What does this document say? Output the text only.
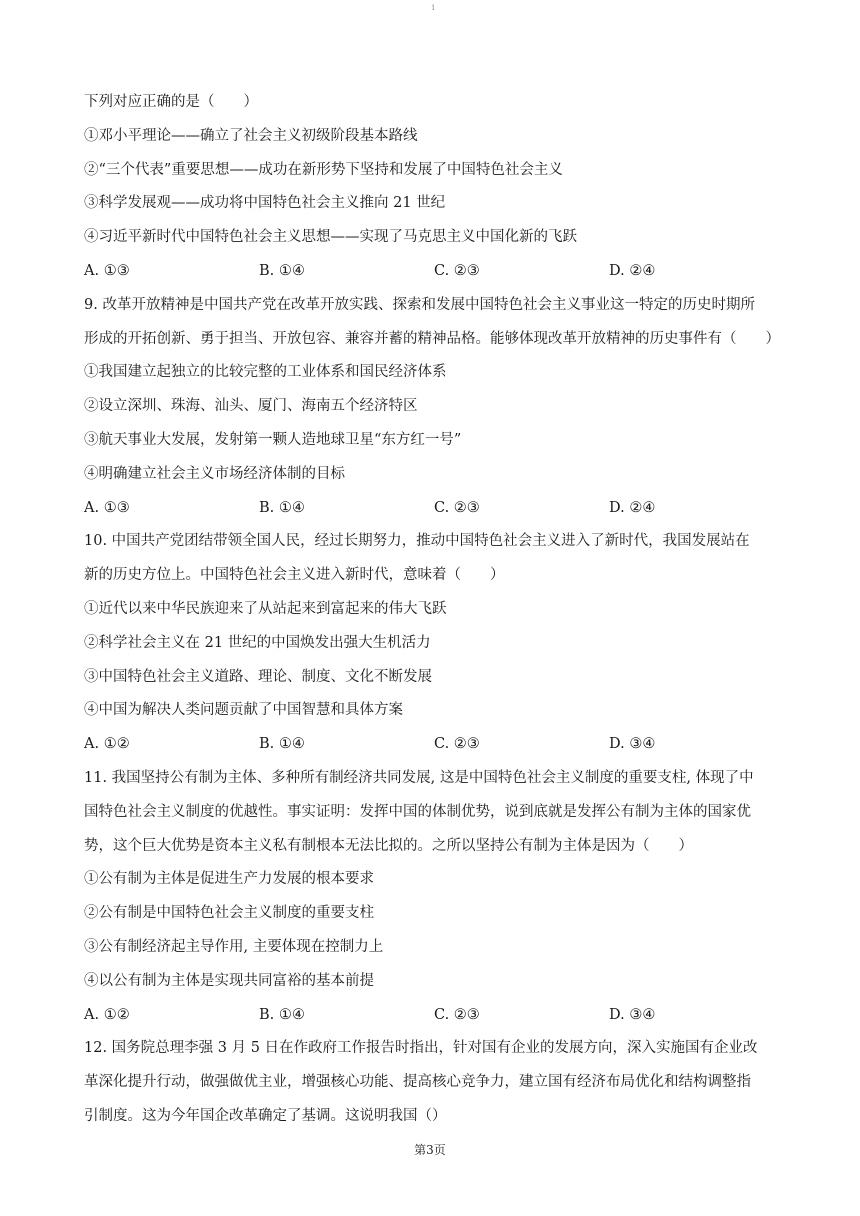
1
下列对应正确的是（　　）
①邓小平理论——确立了社会主义初级阶段基本路线
②“三个代表”重要思想——成功在新形势下坚持和发展了中国特色社会主义
③科学发展观——成功将中国特色社会主义推向 21 世纪
④习近平新时代中国特色社会主义思想——实现了马克思主义中国化新的飞跃
A. ①③	B. ①④	C. ②③	D. ②④
9. 改革开放精神是中国共产党在改革开放实践、探索和发展中国特色社会主义事业这一特定的历史时期所
形成的开拓创新、勇于担当、开放包容、兼容并蓄的精神品格。能够体现改革开放精神的历史事件有（　　）
①我国建立起独立的比较完整的工业体系和国民经济体系
②设立深圳、珠海、汕头、厦门、海南五个经济特区
③航天事业大发展，发射第一颗人造地球卫星“东方红一号”
④明确建立社会主义市场经济体制的目标
A. ①③	B. ①④	C. ②③	D. ②④
10. 中国共产党团结带领全国人民，经过长期努力，推动中国特色社会主义进入了新时代，我国发展站在
新的历史方位上。中国特色社会主义进入新时代，意味着（　　）
①近代以来中华民族迎来了从站起来到富起来的伟大飞跃
②科学社会主义在 21 世纪的中国焕发出强大生机活力
③中国特色社会主义道路、理论、制度、文化不断发展
④中国为解决人类问题贡献了中国智慧和具体方案
A. ①②	B. ①④	C. ②③	D. ③④
11. 我国坚持公有制为主体、多种所有制经济共同发展, 这是中国特色社会主义制度的重要支柱, 体现了中
国特色社会主义制度的优越性。事实证明：发挥中国的体制优势，说到底就是发挥公有制为主体的国家优
势，这个巨大优势是资本主义私有制根本无法比拟的。之所以坚持公有制为主体是因为（　　）
①公有制为主体是促进生产力发展的根本要求
②公有制是中国特色社会主义制度的重要支柱
③公有制经济起主导作用, 主要体现在控制力上
④以公有制为主体是实现共同富裕的基本前提
A. ①②	B. ①④	C. ②③	D. ③④
12. 国务院总理李强 3 月 5 日在作政府工作报告时指出，针对国有企业的发展方向，深入实施国有企业改
革深化提升行动，做强做优主业，增强核心功能、提高核心竞争力，建立国有经济布局优化和结构调整指
引制度。这为今年国企改革确定了基调。这说明我国（）
第3页
